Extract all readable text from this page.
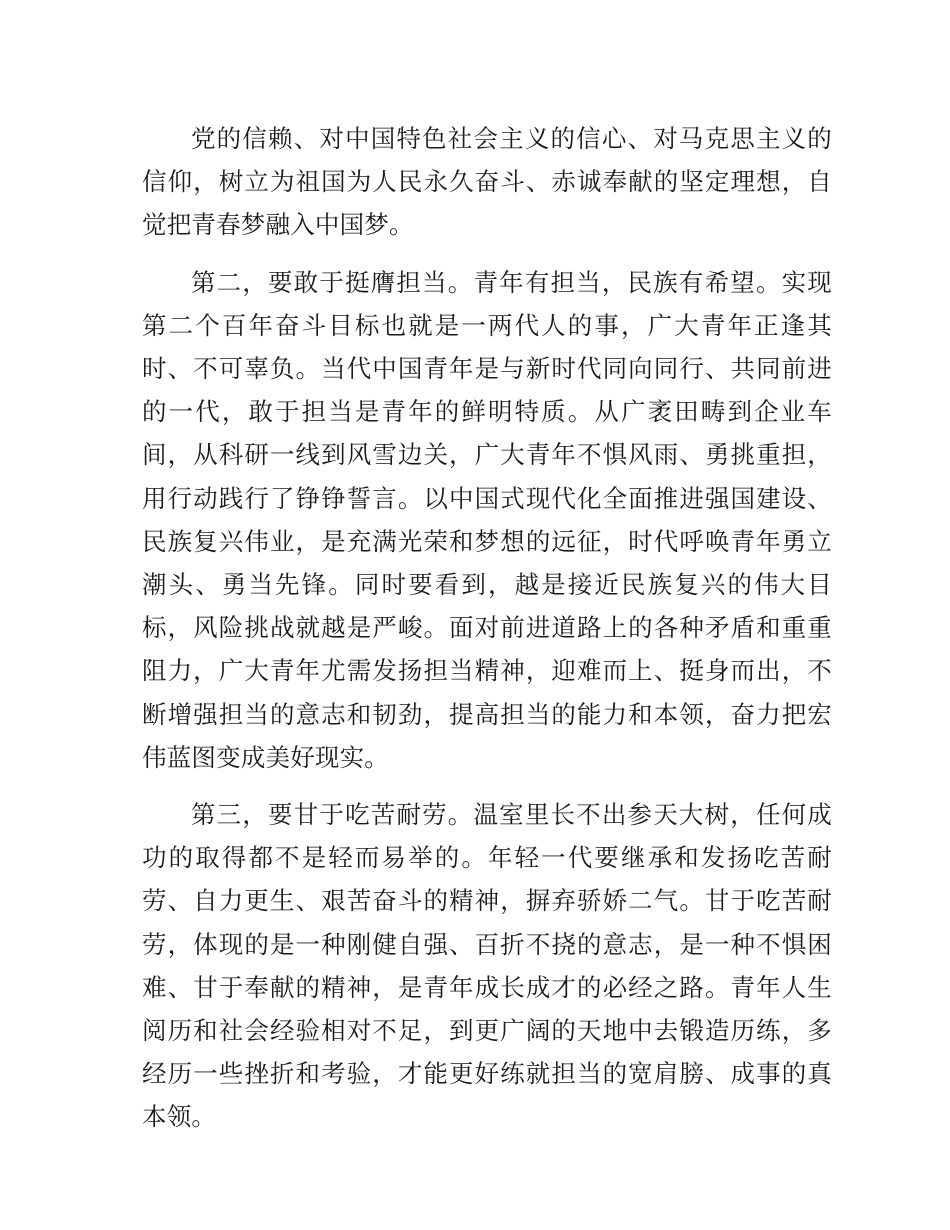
党的信赖、对中国特色社会主义的信心、对马克思主义的信仰，树立为祖国为人民永久奋斗、赤诚奉献的坚定理想，自觉把青春梦融入中国梦。

第二，要敢于挺膺担当。青年有担当，民族有希望。实现第二个百年奋斗目标也就是一两代人的事，广大青年正逢其时、不可辜负。当代中国青年是与新时代同向同行、共同前进的一代，敢于担当是青年的鲜明特质。从广袤田畴到企业车间，从科研一线到风雪边关，广大青年不惧风雨、勇挑重担，用行动践行了铮铮誓言。以中国式现代化全面推进强国建设、民族复兴伟业，是充满光荣和梦想的远征，时代呼唤青年勇立潮头、勇当先锋。同时要看到，越是接近民族复兴的伟大目标，风险挑战就越是严峻。面对前进道路上的各种矛盾和重重阻力，广大青年尤需发扬担当精神，迎难而上、挺身而出，不断增强担当的意志和韧劲，提高担当的能力和本领，奋力把宏伟蓝图变成美好现实。

第三，要甘于吃苦耐劳。温室里长不出参天大树，任何成功的取得都不是轻而易举的。年轻一代要继承和发扬吃苦耐劳、自力更生、艰苦奋斗的精神，摒弃骄娇二气。甘于吃苦耐劳，体现的是一种刚健自强、百折不挠的意志，是一种不惧困难、甘于奉献的精神，是青年成长成才的必经之路。青年人生阅历和社会经验相对不足，到更广阔的天地中去锻造历练，多经历一些挫折和考验，才能更好练就担当的宽肩膀、成事的真本领。
